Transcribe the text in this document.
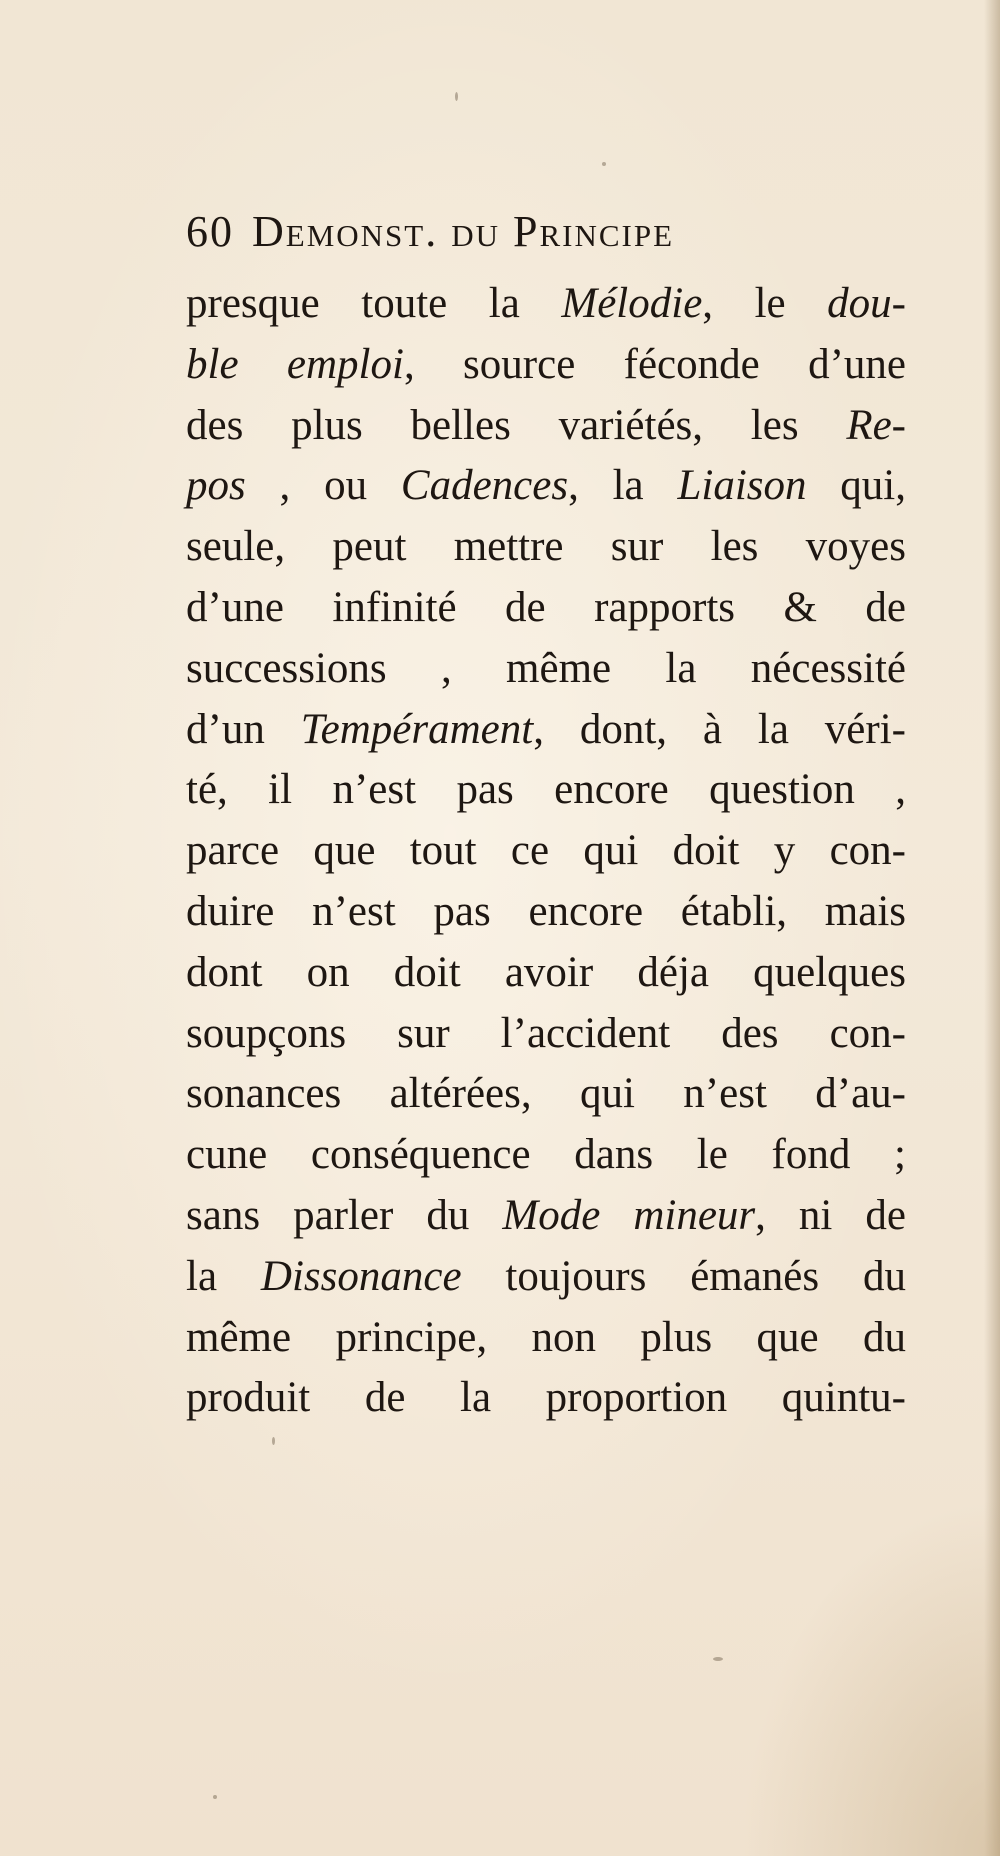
60 Demonst. du Principe
presque toute la Mélodie, le dou-
ble emploi, source féconde d’une
des plus belles variétés, les Re-
pos , ou Cadences, la Liaison qui,
seule, peut mettre sur les voyes
d’une infinité de rapports & de
successions , même la nécessité
d’un Tempérament, dont, à la véri-
té, il n’est pas encore question ,
parce que tout ce qui doit y con-
duire n’est pas encore établi, mais
dont on doit avoir déja quelques
soupçons sur l’accident des con-
sonances altérées, qui n’est d’au-
cune conséquence dans le fond ;
sans parler du Mode mineur, ni de
la Dissonance toujours émanés du
même principe, non plus que du
produit de la proportion quintu-
